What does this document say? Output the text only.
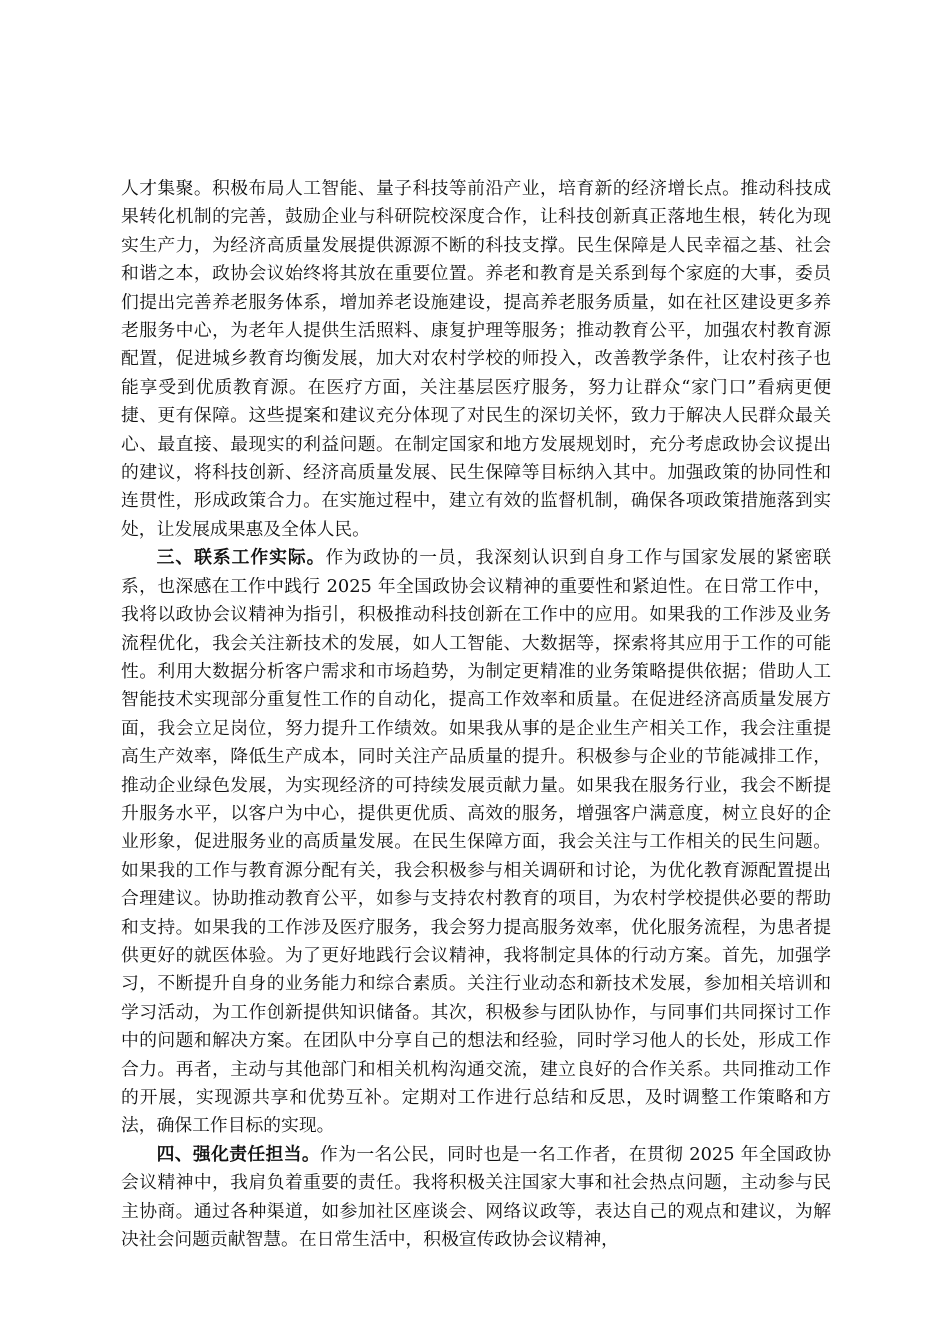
人才集聚。积极布局人工智能、量子科技等前沿产业，培育新的经济增长点。推动科技成果转化机制的完善，鼓励企业与科研院校深度合作，让科技创新真正落地生根，转化为现实生产力，为经济高质量发展提供源源不断的科技支撑。民生保障是人民幸福之基、社会和谐之本，政协会议始终将其放在重要位置。养老和教育是关系到每个家庭的大事，委员们提出完善养老服务体系，增加养老设施建设，提高养老服务质量，如在社区建设更多养老服务中心，为老年人提供生活照料、康复护理等服务；推动教育公平，加强农村教育源配置，促进城乡教育均衡发展，加大对农村学校的师投入，改善教学条件，让农村孩子也能享受到优质教育源。在医疗方面，关注基层医疗服务，努力让群众“家门口”看病更便捷、更有保障。这些提案和建议充分体现了对民生的深切关怀，致力于解决人民群众最关心、最直接、最现实的利益问题。在制定国家和地方发展规划时，充分考虑政协会议提出的建议，将科技创新、经济高质量发展、民生保障等目标纳入其中。加强政策的协同性和连贯性，形成政策合力。在实施过程中，建立有效的监督机制，确保各项政策措施落到实处，让发展成果惠及全体人民。

三、联系工作实际。作为政协的一员，我深刻认识到自身工作与国家发展的紧密联系，也深感在工作中践行 2025 年全国政协会议精神的重要性和紧迫性。在日常工作中，我将以政协会议精神为指引，积极推动科技创新在工作中的应用。如果我的工作涉及业务流程优化，我会关注新技术的发展，如人工智能、大数据等，探索将其应用于工作的可能性。利用大数据分析客户需求和市场趋势，为制定更精准的业务策略提供依据；借助人工智能技术实现部分重复性工作的自动化，提高工作效率和质量。在促进经济高质量发展方面，我会立足岗位，努力提升工作绩效。如果我从事的是企业生产相关工作，我会注重提高生产效率，降低生产成本，同时关注产品质量的提升。积极参与企业的节能减排工作，推动企业绿色发展，为实现经济的可持续发展贡献力量。如果我在服务行业，我会不断提升服务水平，以客户为中心，提供更优质、高效的服务，增强客户满意度，树立良好的企业形象，促进服务业的高质量发展。在民生保障方面，我会关注与工作相关的民生问题。如果我的工作与教育源分配有关，我会积极参与相关调研和讨论，为优化教育源配置提出合理建议。协助推动教育公平，如参与支持农村教育的项目，为农村学校提供必要的帮助和支持。如果我的工作涉及医疗服务，我会努力提高服务效率，优化服务流程，为患者提供更好的就医体验。为了更好地践行会议精神，我将制定具体的行动方案。首先，加强学习，不断提升自身的业务能力和综合素质。关注行业动态和新技术发展，参加相关培训和学习活动，为工作创新提供知识储备。其次，积极参与团队协作，与同事们共同探讨工作中的问题和解决方案。在团队中分享自己的想法和经验，同时学习他人的长处，形成工作合力。再者，主动与其他部门和相关机构沟通交流，建立良好的合作关系。共同推动工作的开展，实现源共享和优势互补。定期对工作进行总结和反思，及时调整工作策略和方法，确保工作目标的实现。

四、强化责任担当。作为一名公民，同时也是一名工作者，在贯彻 2025 年全国政协会议精神中，我肩负着重要的责任。我将积极关注国家大事和社会热点问题，主动参与民主协商。通过各种渠道，如参加社区座谈会、网络议政等，表达自己的观点和建议，为解决社会问题贡献智慧。在日常生活中，积极宣传政协会议精神，
